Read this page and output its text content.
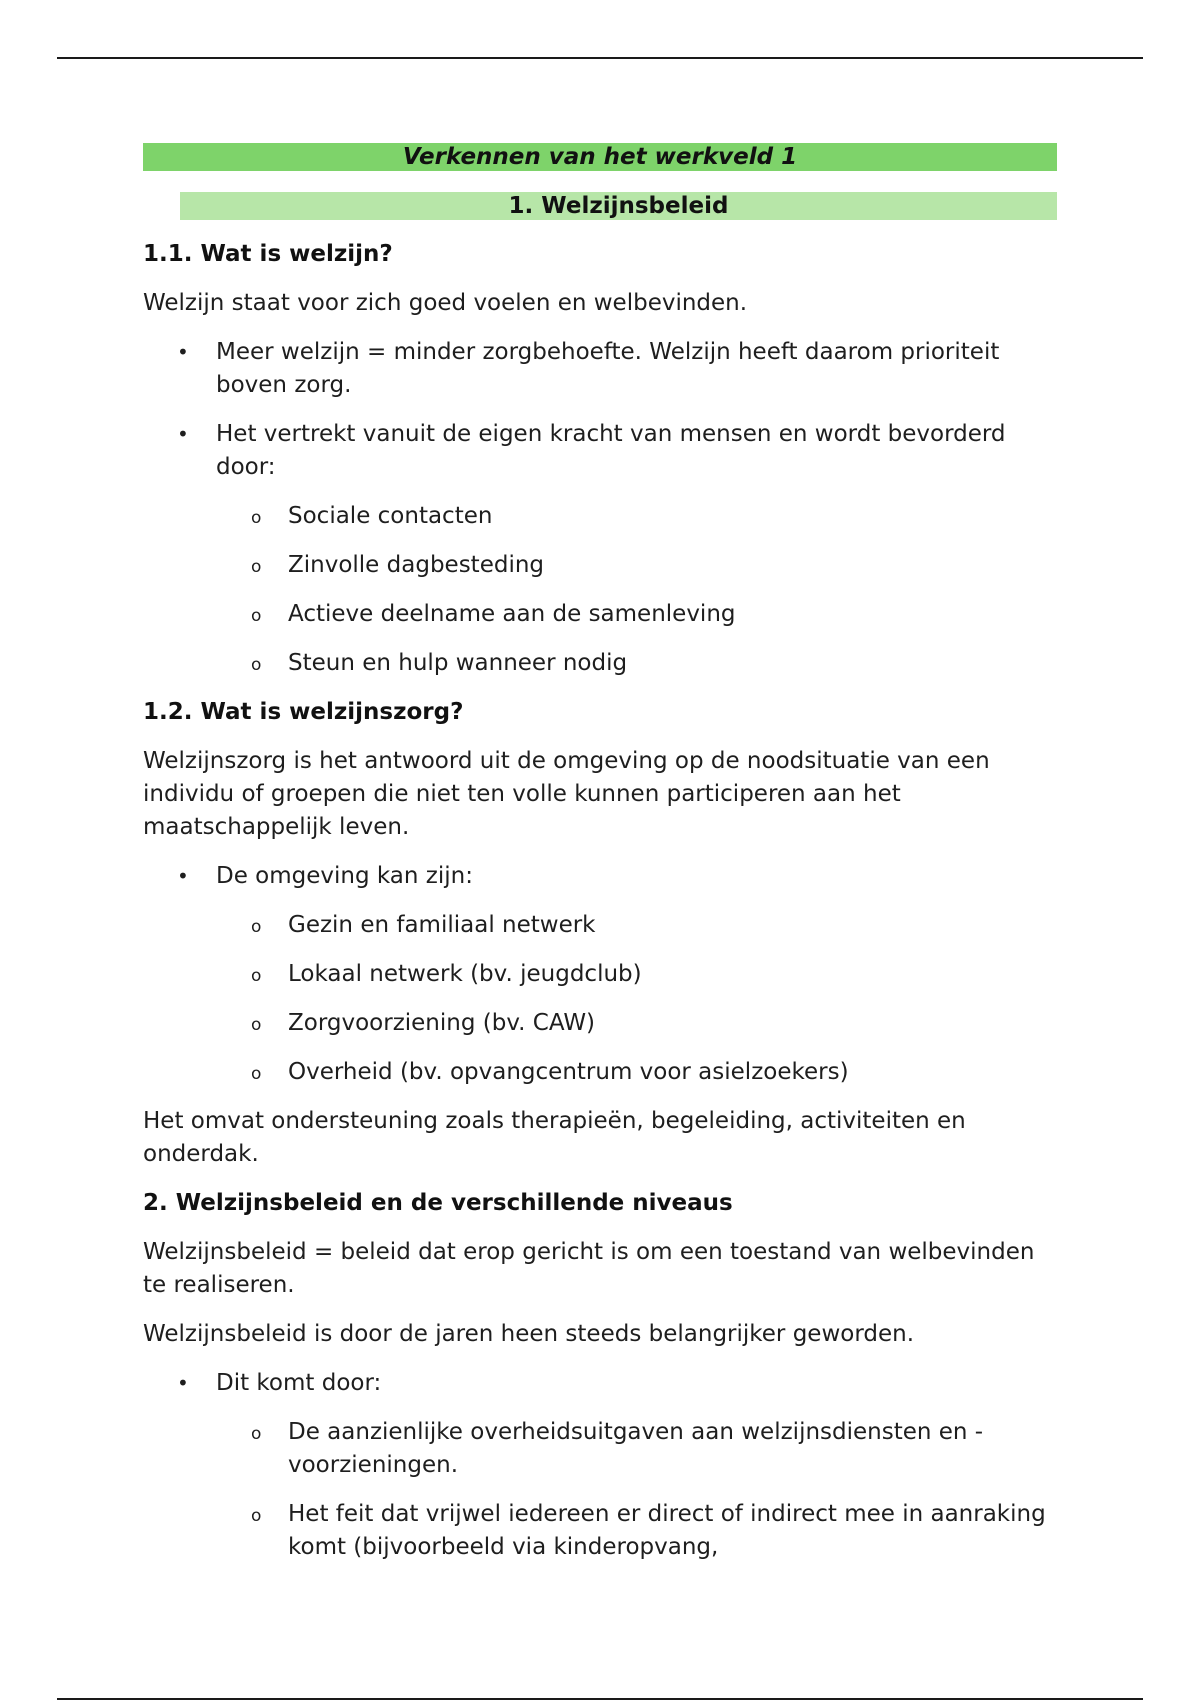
Verkennen van het werkveld 1
1. Welzijnsbeleid
1.1. Wat is welzijn?

Welzijn staat voor zich goed voelen en welbevinden.

• Meer welzijn = minder zorgbehoefte. Welzijn heeft daarom prioriteit boven zorg.
• Het vertrekt vanuit de eigen kracht van mensen en wordt bevorderd door:
o Sociale contacten
o Zinvolle dagbesteding
o Actieve deelname aan de samenleving
o Steun en hulp wanneer nodig
1.2. Wat is welzijnszorg?

Welzijnszorg is het antwoord uit de omgeving op de noodsituatie van een individu of groepen die niet ten volle kunnen participeren aan het maatschappelijk leven.

• De omgeving kan zijn:
o Gezin en familiaal netwerk
o Lokaal netwerk (bv. jeugdclub)
o Zorgvoorziening (bv. CAW)
o Overheid (bv. opvangcentrum voor asielzoekers)

Het omvat ondersteuning zoals therapieën, begeleiding, activiteiten en onderdak.

2. Welzijnsbeleid en de verschillende niveaus

Welzijnsbeleid = beleid dat erop gericht is om een toestand van welbevinden te realiseren.

Welzijnsbeleid is door de jaren heen steeds belangrijker geworden.

• Dit komt door:
o De aanzienlijke overheidsuitgaven aan welzijnsdiensten en -voorzieningen.
o Het feit dat vrijwel iedereen er direct of indirect mee in aanraking komt (bijvoorbeeld via kinderopvang,
